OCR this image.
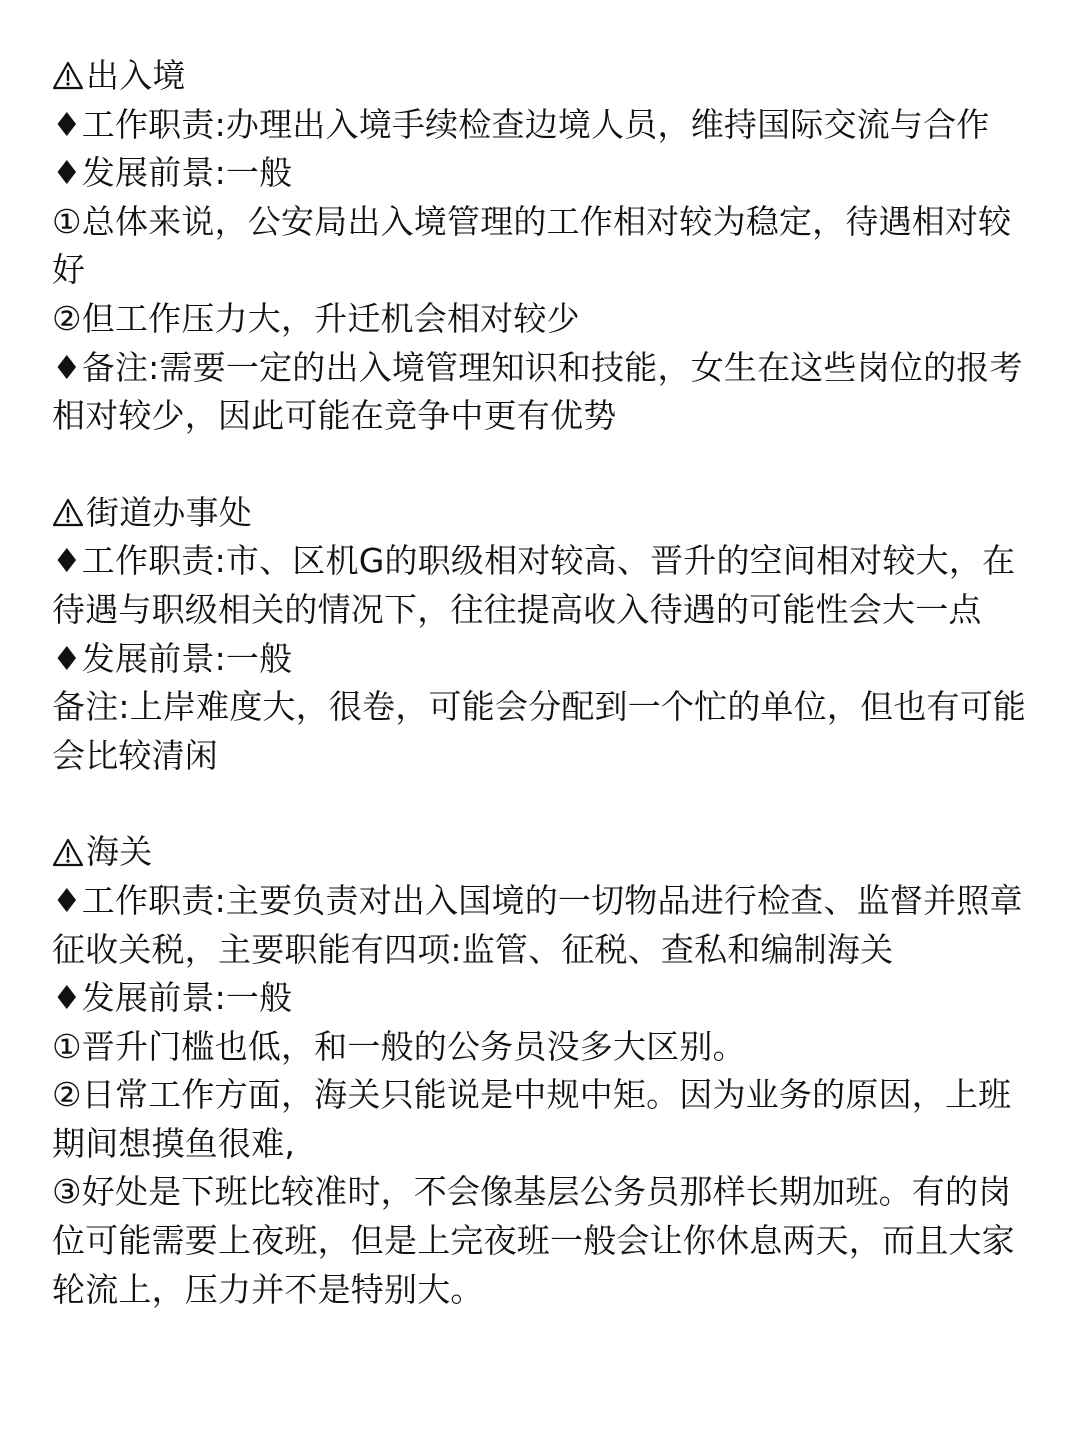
出入境

♦工作职责:办理出入境手续检查边境人员，维持国际交流与合作

♦发展前景:一般

①总体来说，公安局出入境管理的工作相对较为稳定，待遇相对较好

②但工作压力大，升迁机会相对较少

♦备注:需要一定的出入境管理知识和技能，女生在这些岗位的报考相对较少，因此可能在竞争中更有优势

街道办事处

♦工作职责:市、区机G的职级相对较高、晋升的空间相对较大，在待遇与职级相关的情况下，往往提高收入待遇的可能性会大一点

♦发展前景:一般

备注:上岸难度大，很卷，可能会分配到一个忙的单位，但也有可能会比较清闲

海关

♦工作职责:主要负责对出入国境的一切物品进行检查、监督并照章征收关税，主要职能有四项:监管、征税、查私和编制海关

♦发展前景:一般

①晋升门槛也低，和一般的公务员没多大区别。

②日常工作方面，海关只能说是中规中矩。因为业务的原因，上班期间想摸鱼很难,

③好处是下班比较准时，不会像基层公务员那样长期加班。有的岗位可能需要上夜班，但是上完夜班一般会让你休息两天，而且大家轮流上，压力并不是特别大。
